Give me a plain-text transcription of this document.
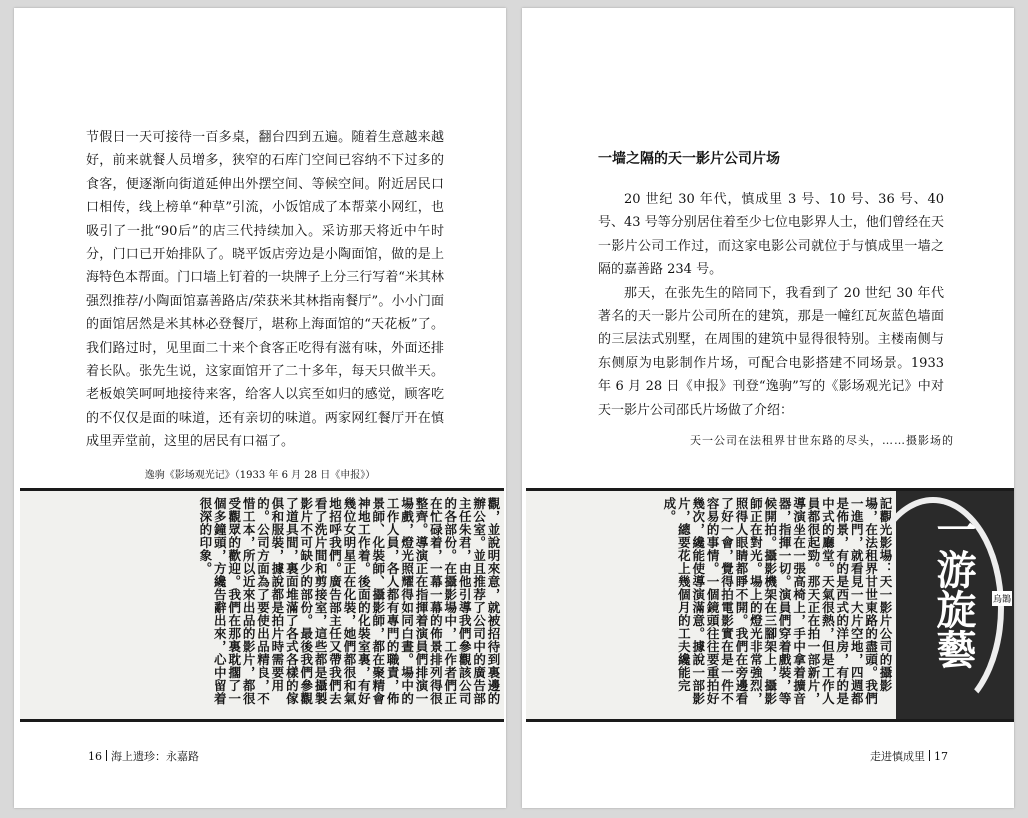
节假日一天可接待一百多桌，翻台四到五遍。随着生意越来越好，前来就餐人员增多，狭窄的石库门空间已容纳不下过多的食客，便逐渐向街道延伸出外摆空间、等候空间。附近居民口口相传，线上榜单“种草”引流，小饭馆成了本帮菜小网红，也吸引了一批“90后”的店三代持续加入。采访那天将近中午时分，门口已开始排队了。晓平饭店旁边是小陶面馆，做的是上海特色本帮面。门口墙上钉着的一块牌子上分三行写着“米其林强烈推荐/小陶面馆嘉善路店/荣获米其林指南餐厅”。小小门面的面馆居然是米其林必登餐厅，堪称上海面馆的“天花板”了。我们路过时，见里面二十来个食客正吃得有滋有味，外面还排着长队。张先生说，这家面馆开了二十多年，每天只做半天。老板娘笑呵呵地接待来客，给客人以宾至如归的感觉，顾客吃的不仅仅是面的味道，还有亲切的味道。两家网红餐厅开在慎成里弄堂前，这里的居民有口福了。

逸驹《影场观光记》（1933 年 6 月 28 日《申报》）
觀，並說明來意，就被招待到裏邊的辦公室。並且推荐了公司中的廣告部主任朱君，由他引導我們參觀該公司的各部份。在攝影場中，工作者們正在忙碌着，一幕一幕的佈景排列得很整齊。導演正在指揮着演員們排演一場戲，燈光照耀得如同白晝。場中的工作人員，各人都有專門的職責，佈景師、化裝師、攝影師，都在聚精會神地工作着。後面的化裝室裏，有好幾位女明星正在化裝，她們都很和氣地招呼我們。廣告部主任又帶我們去看了洗片間和剪接室，這些都是攝製影片不可缺少的部份。最後我們參觀了道具間，裏面堆滿了各式各樣的傢俱和服裝，據說都是拍片時需要用的。公司方面為了要使出品精良，不惜工本，所以近來出品的影片，都很受觀眾的歡迎。我們在那裏耽擱了一個多鐘頭，方纔告辭出來，心中留着很深的印象。
16 海上遗珍：永嘉路
一墙之隔的天一影片公司片场

20 世纪 30 年代，慎成里 3 号、10 号、36 号、40 号、43 号等分别居住着至少七位电影界人士，他们曾经在天一影片公司工作过，而这家电影公司就位于与慎成里一墙之隔的嘉善路 234 号。

那天，在张先生的陪同下，我看到了 20 世纪 30 年代著名的天一影片公司所在的建筑，那是一幢红瓦灰蓝色墙面的三层法式别墅，在周围的建筑中显得很特别。主楼南侧与东侧原为电影制作片场，可配合电影搭建不同场景。1933 年 6 月 28 日《申报》刊登“逸驹”写的《影场观光记》中对天一影片公司邵氏片场做了介绍：

天一公司在法租界甘世东路的尽头，……摄影场的
記觀光影場：天一影片公司的攝影場，在法租界甘世東路的盡頭。我們一進門，就看見一大片空地，四週都是佈景，有的是西式的洋房，有的是中式的廳堂。天氣很熱，但是工作人員都很起勁。那天正在拍一部新片，導演坐在一張高椅上，手中拿着擴音器，指揮一切。演員們穿着戲裝，等候開拍。攝影機架在三腳架上，攝影師正在對光。場上的燈光非常強烈，照得人眼睛都睜不開。我們在旁邊看了好一會，覺得拍電影實在是一件不容易的事情。一個鏡頭往往要重拍好幾次，纔能使導演滿意。據說一部影片，總要花上幾個月的工夫纔能完成。	一游旋藝 烏鵲
走进慎成里 17
